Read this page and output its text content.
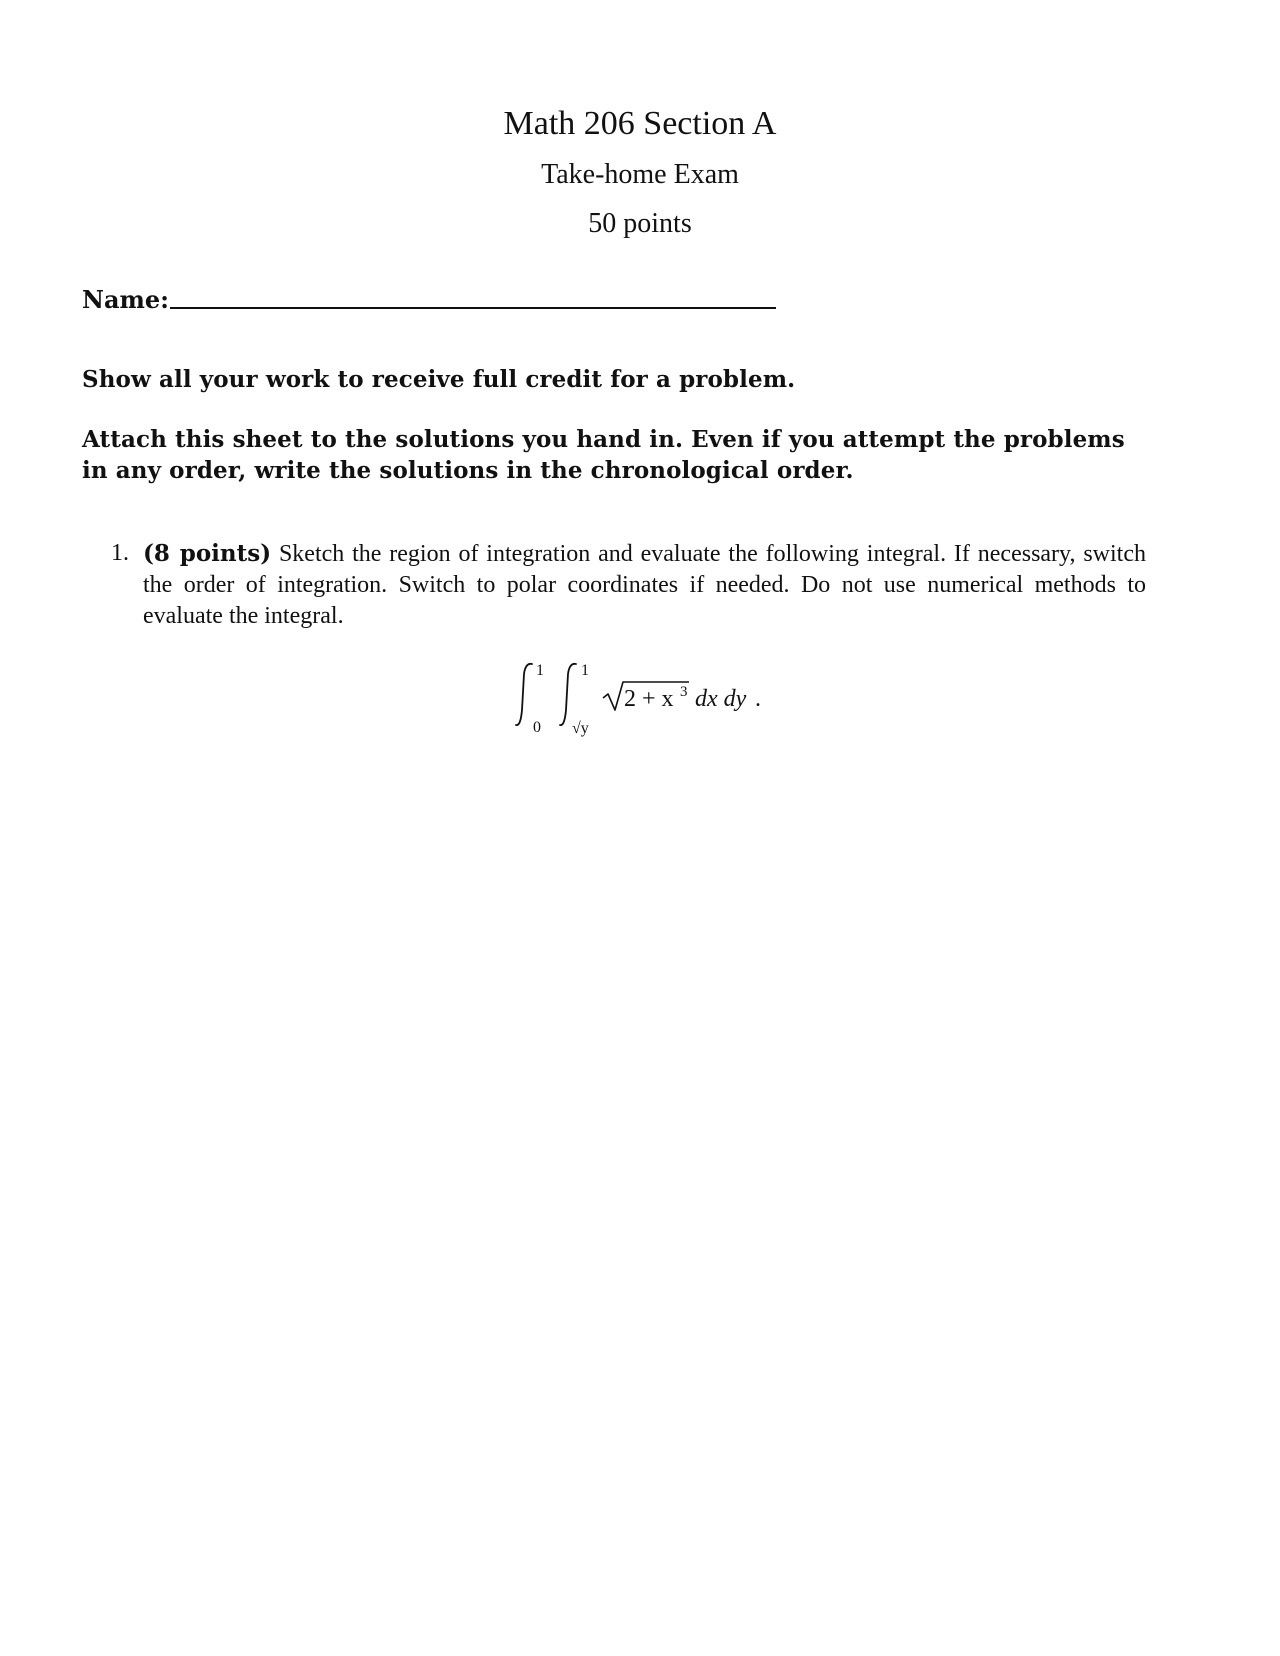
Math 206 Section A
Take-home Exam
50 points
Name:
Show all your work to receive full credit for a problem.
Attach this sheet to the solutions you hand in. Even if you attempt the problems in any order, write the solutions in the chronological order.
1. (8 points) Sketch the region of integration and evaluate the following integral. If necessary, switch the order of integration. Switch to polar coordinates if needed. Do not use numerical methods to evaluate the integral.
1
0
1
√y
2 + x 3 dx dy .
